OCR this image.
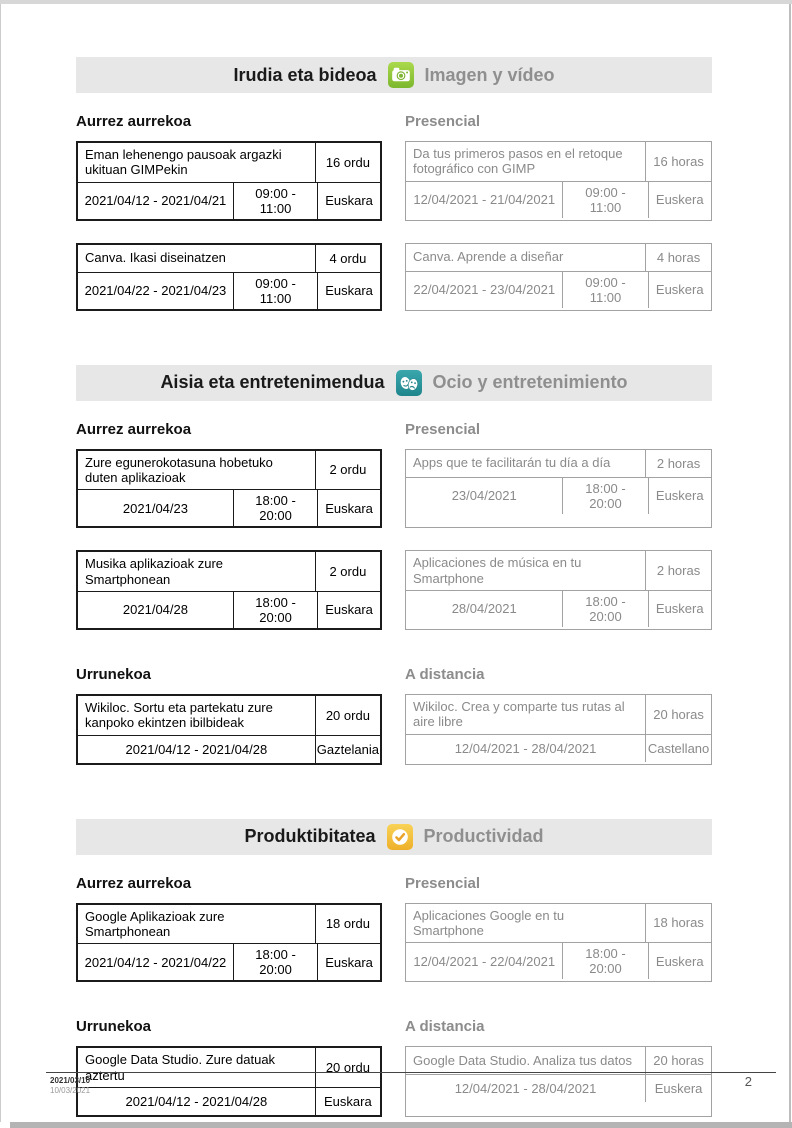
Irudia eta bideoa	Imagen y vídeo
Aurrez aurrekoa	Presencial
Eman lehenengo pausoak argazki ukituan GIMPekin	16 ordu
2021/04/12 - 2021/04/21	09:00 - 11:00	Euskara
Da tus primeros pasos en el retoque fotográfico con GIMP	16 horas
12/04/2021 - 21/04/2021	09:00 - 11:00	Euskera
Canva. Ikasi diseinatzen	4 ordu
2021/04/22 - 2021/04/23	09:00 - 11:00	Euskara
Canva. Aprende a diseñar	4 horas
22/04/2021 - 23/04/2021	09:00 - 11:00	Euskera
Aisia eta entretenimendua	Ocio y entretenimiento
Aurrez aurrekoa	Presencial
Zure egunerokotasuna hobetuko duten aplikazioak	2 ordu
2021/04/23	18:00 - 20:00	Euskara
Apps que te facilitarán tu día a día	2 horas
23/04/2021	18:00 - 20:00	Euskera
Musika aplikazioak zure Smartphonean	2 ordu
2021/04/28	18:00 - 20:00	Euskara
Aplicaciones de música en tu Smartphone	2 horas
28/04/2021	18:00 - 20:00	Euskera
Urrunekoa	A distancia
Wikiloc. Sortu eta partekatu zure kanpoko ekintzen ibilbideak	20 ordu
2021/04/12 - 2021/04/28	Gaztelania
Wikiloc. Crea y comparte tus rutas al aire libre	20 horas
12/04/2021 - 28/04/2021	Castellano
Produktibitatea	Productividad
Aurrez aurrekoa	Presencial
Google Aplikazioak zure Smartphonean	18 ordu
2021/04/12 - 2021/04/22	18:00 - 20:00	Euskara
Aplicaciones Google en tu Smartphone	18 horas
12/04/2021 - 22/04/2021	18:00 - 20:00	Euskera
Urrunekoa	A distancia
Google Data Studio. Zure datuak aztertu	20 ordu
2021/04/12 - 2021/04/28	Euskara
Google Data Studio. Analiza tus datos	20 horas
12/04/2021 - 28/04/2021	Euskera
2021/03/10
10/03/2021
2
